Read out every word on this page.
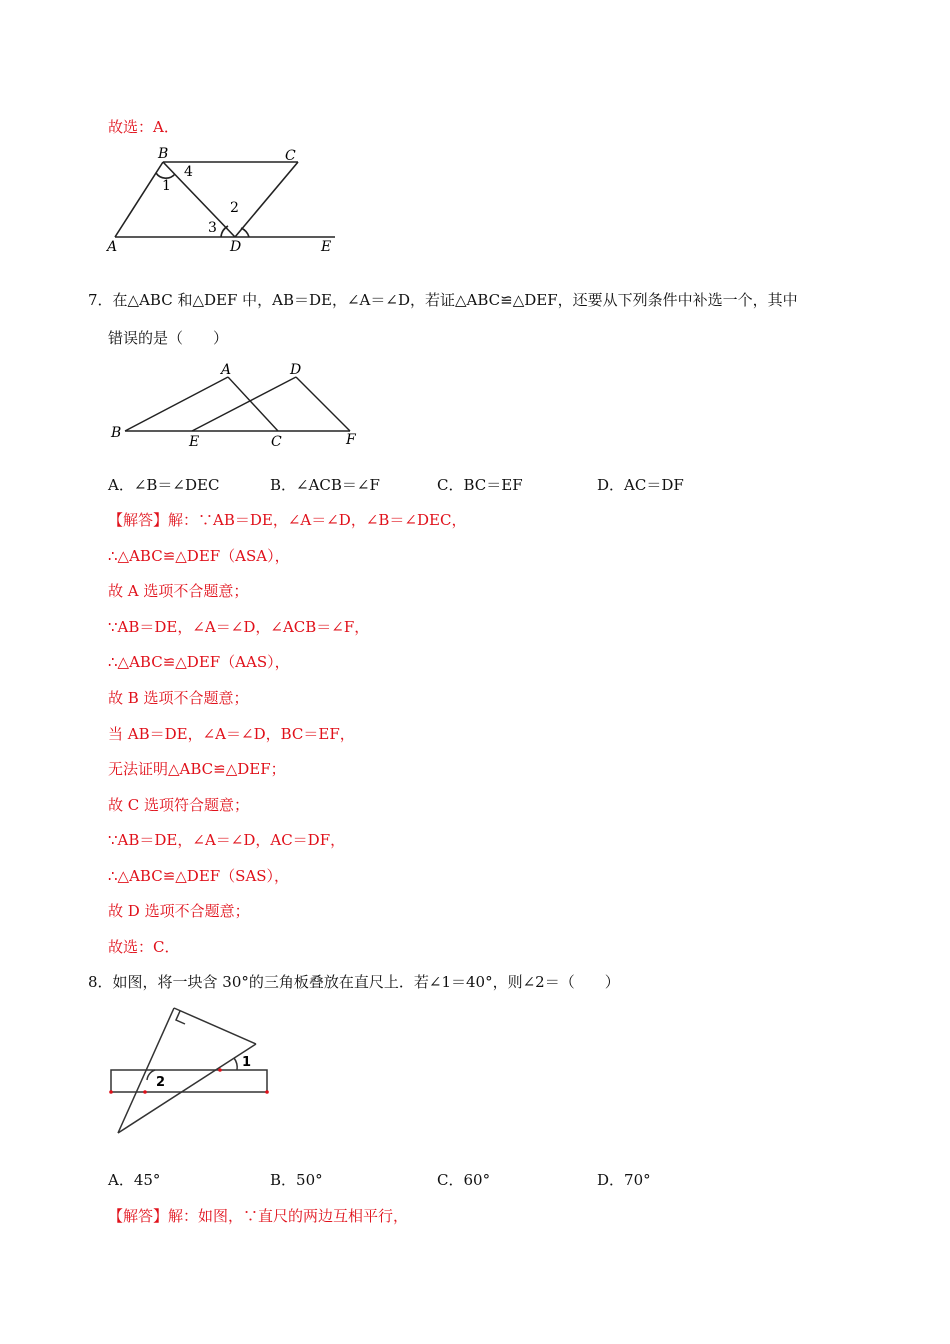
故选：A．
B	C
1
4
2
3
A	D	E
7．在△ABC 和△DEF 中，AB＝DE，∠A＝∠D，若证△ABC≌△DEF，还要从下列条件中补选一个，其中
错误的是（　　）
A	D
B
E	C	F
A．∠B＝∠DEC	B．∠ACB＝∠F	C．BC＝EF	D．AC＝DF
【解答】解：∵AB＝DE，∠A＝∠D，∠B＝∠DEC，
∴△ABC≌△DEF（ASA），
故 A 选项不合题意；
∵AB＝DE，∠A＝∠D，∠ACB＝∠F，
∴△ABC≌△DEF（AAS），
故 B 选项不合题意；
当 AB＝DE，∠A＝∠D，BC＝EF，
无法证明△ABC≌△DEF；
故 C 选项符合题意；
∵AB＝DE，∠A＝∠D，AC＝DF，
∴△ABC≌△DEF（SAS），
故 D 选项不合题意；
故选：C．
8．如图，将一块含 30°的三角板叠放在直尺上．若∠1＝40°，则∠2＝（　　）
1
2
A．45°	B．50°	C．60°	D．70°
【解答】解：如图，∵直尺的两边互相平行，
